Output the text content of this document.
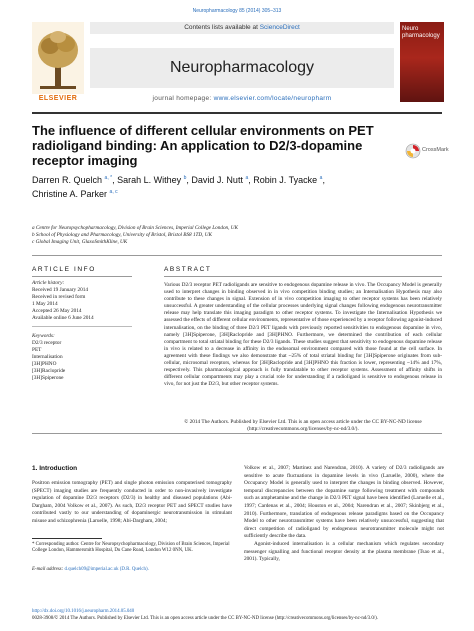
Neuropharmacology 85 (2014) 305–313
ELSEVIER
Contents lists available at ScienceDirect
Neuropharmacology
journal homepage: www.elsevier.com/locate/neuropharm
Neuro pharmacology
The influence of different cellular environments on PET radioligand binding: An application to D2/3-dopamine receptor imaging
CrossMark
Darren R. Quelch $^{a, *}$, Sarah L. Withey $^b$, David J. Nutt $^a$, Robin J. Tyacke $^a$,
Christine A. Parker $^{a, c}$
a Centre for Neuropsychopharmacology, Division of Brain Sciences, Imperial College London, UK
b School of Physiology and Pharmacology, University of Bristol, Bristol BS8 1TD, UK
c Global Imaging Unit, GlaxoSmithKline, UK
ARTICLE INFO
Article history:
Received 19 January 2014
Received in revised form
1 May 2014
Accepted 26 May 2014
Available online 6 June 2014
Keywords:
D2/3 receptor
PET
Internalisation
[3H]PHNO
[3H]Raclopride
[3H]Spiperone
ABSTRACT
Various D2/3 receptor PET radioligands are sensitive to endogenous dopamine release in vivo. The Occupancy Model is generally used to interpret changes in binding observed in in vivo competition binding studies; an Internalisation Hypothesis may also contribute to these changes in signal. Extension of in vivo competition imaging to other receptor systems has been relatively unsuccessful. A greater understanding of the cellular processes underlying signal changes following endogenous neurotransmitter release may help translate this imaging paradigm to other receptor systems. To investigate the Internalisation Hypothesis we assessed the effects of different cellular environments, representative of those experienced by a receptor following agonist-induced internalisation, on the binding of three D2/3 PET ligands with previously reported sensitivities to endogenous dopamine in vivo, namely [3H]Spiperone, [3H]Raclopride and [3H]PHNO. Furthermore, we determined the contribution of each cellular compartment to total striatal binding for these D2/3 ligands. These studies suggest that sensitivity to endogenous dopamine release in vivo is related to a decrease in affinity in the endosomal environment compared with those found at the cell surface. In agreement with these findings we also demonstrate that ~25% of total striatal binding for [3H]Spiperone originates from sub-cellular, microsomal receptors, whereas for [3H]Raclopride and [3H]PHNO this fraction is lower, representing ~14% and 17%, respectively. This pharmacological approach is fully translatable to other receptor systems. Assessment of affinity shifts in different cellular compartments may play a crucial role for understanding if a radioligand is sensitive to endogenous release in vivo, for not just the D2/3, but other receptor systems.
© 2014 The Authors. Published by Elsevier Ltd. This is an open access article under the CC BY-NC-ND license (http://creativecommons.org/licenses/by-nc-nd/3.0/).
1. Introduction
Positron emission tomography (PET) and single photon emission computerised tomography (SPECT) imaging studies are frequently conducted in order to non-invasively investigate regulation of dopamine D2/3 receptors (D2/3) in healthy and diseased populations (Abi-Dargham, 2004 Volkow et al., 2007). As such, D2/3 receptor PET and SPECT studies have contributed vastly to our understanding of dopaminergic neurotransmission in stimulant misuse and schizophrenia (Laruelle, 1998; Abi-Dargham, 2004;
Volkow et al., 2007; Martinez and Narendran, 2010). A variety of D2/3 radioligands are sensitive to acute fluctuations in dopamine levels in vivo (Laruelle, 2000), where the Occupancy Model is generally used to interpret the changes in binding observed. However, temporal discrepancies between the dopamine surge following treatment with compounds such as amphetamine and the change in D2/3 PET signal have been identified (Laruelle et al., 1997; Cardenas et al., 2004; Houston et al., 2004; Narendran et al., 2007; Skinbjerg et al., 2010). Furthermore, translation of endogenous release paradigms based on the Occupancy Model to other neurotransmitter systems have been relatively unsuccessful, suggesting that direct competition of radioligand by endogenous neurotransmitter molecule might not sufficiently describe the data.
Agonist-induced internalisation is a cellular mechanism which regulates secondary messenger signalling and functional receptor density at the plasma membrane (Tsao et al., 2001). Typically,
* Corresponding author. Centre for Neuropsychopharmacology, Division of Brain Sciences, Imperial College London, Hammersmith Hospital, Du Cane Road, London W12 0NN, UK.
E-mail address: d.quelch09@imperial.ac.uk (D.R. Quelch).
http://dx.doi.org/10.1016/j.neuropharm.2014.05.040
0028-3908/© 2014 The Authors. Published by Elsevier Ltd. This is an open access article under the CC BY-NC-ND license (http://creativecommons.org/licenses/by-nc-nd/3.0/).
